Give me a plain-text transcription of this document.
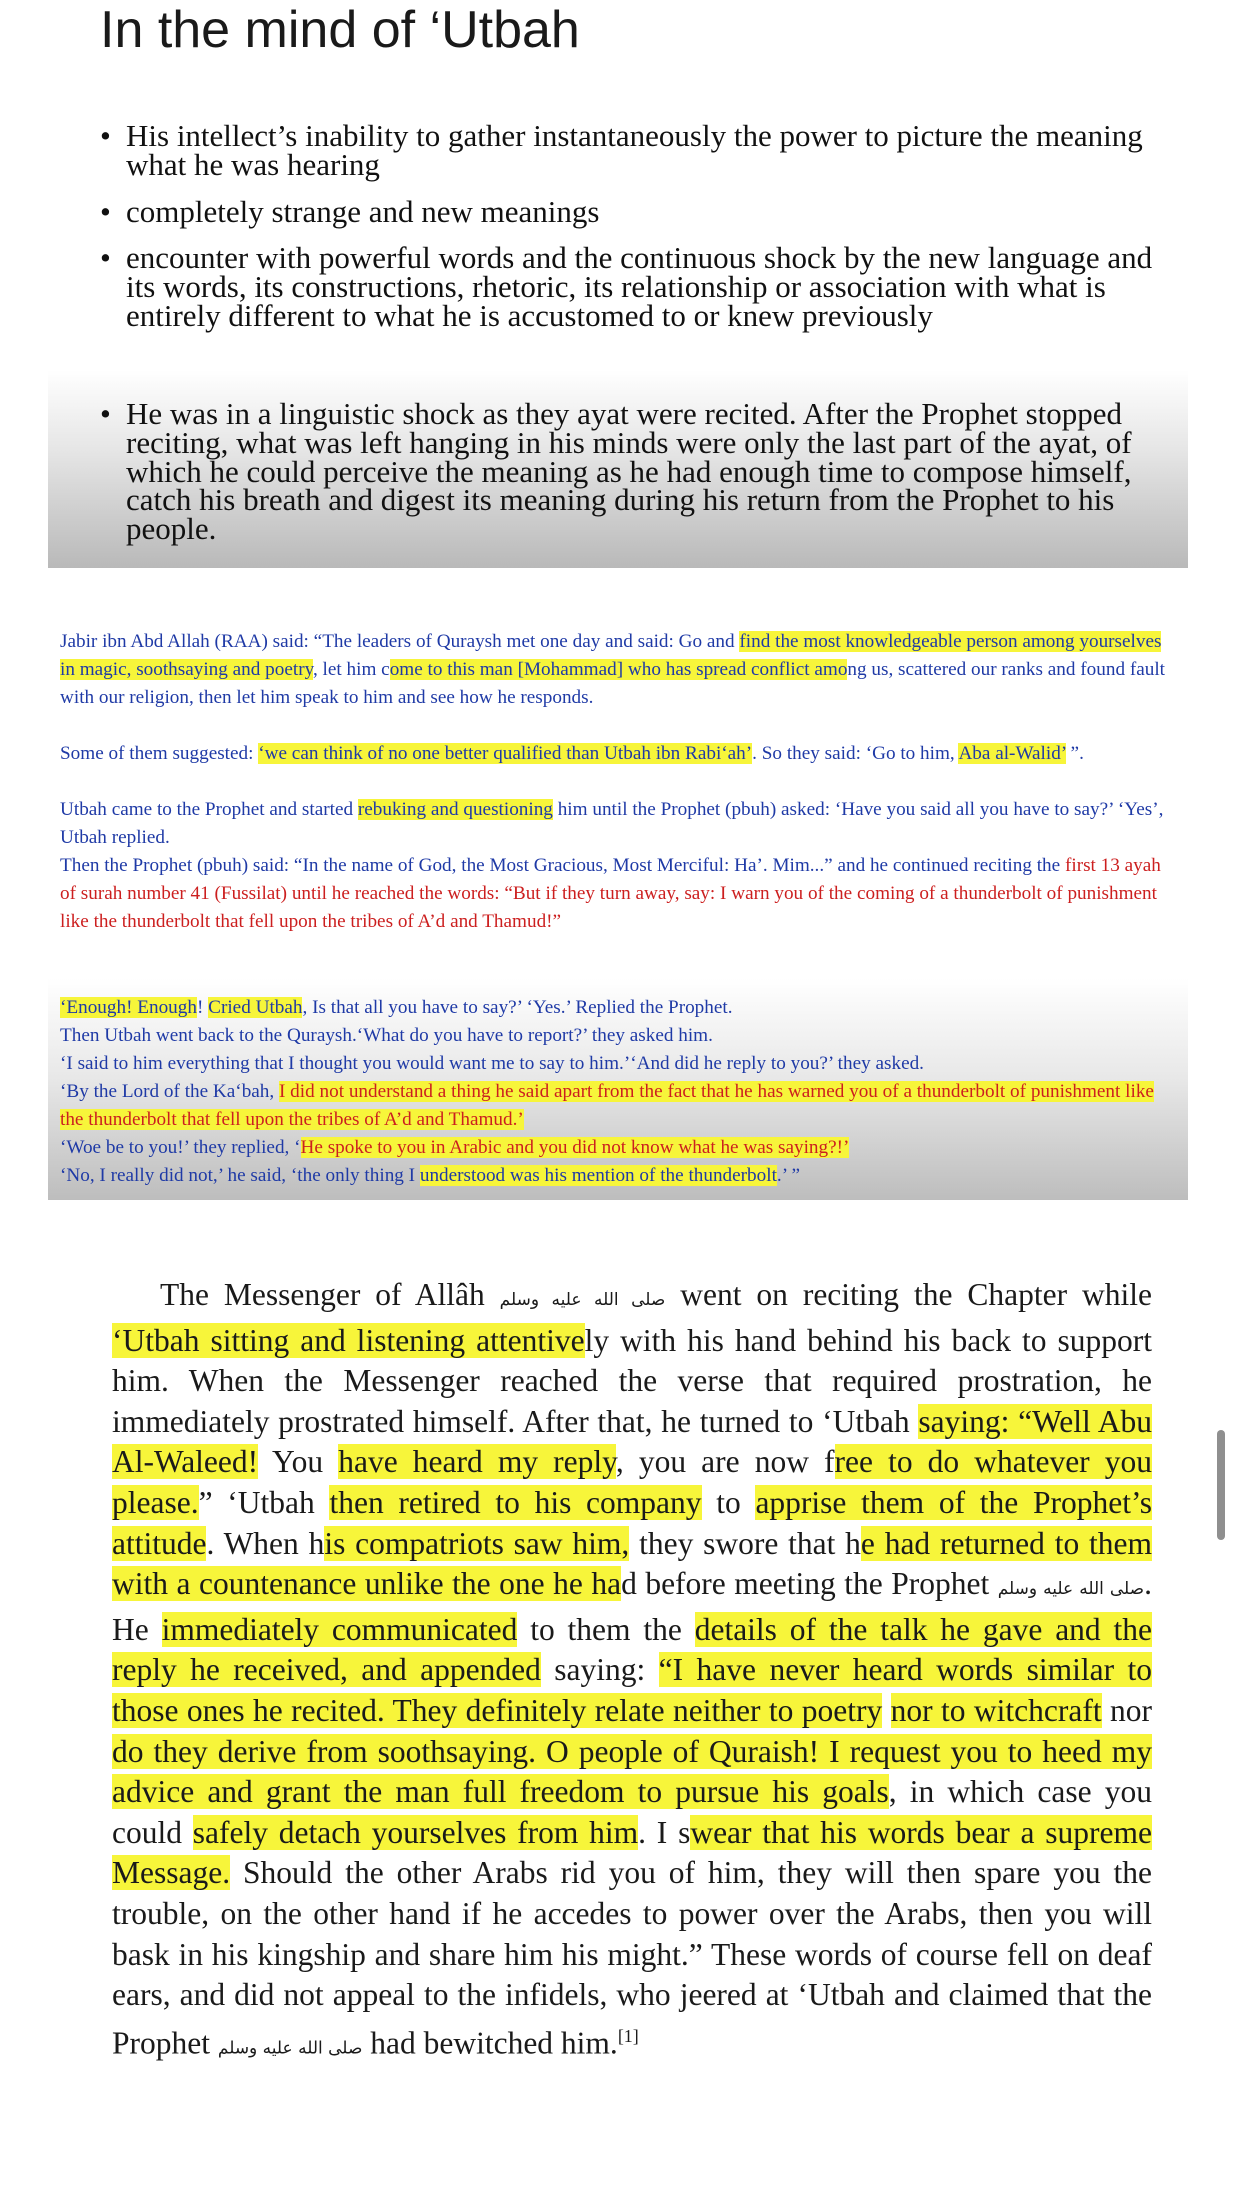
In the mind of ‘Utbah
• His intellect’s inability to gather instantaneously the power to picture the meaning what he was hearing
• completely strange and new meanings
• encounter with powerful words and the continuous shock by the new language and its words, its constructions, rhetoric, its relationship or association with what is entirely different to what he is accustomed to or knew previously
• He was in a linguistic shock as they ayat were recited. After the Prophet stopped reciting, what was left hanging in his minds were only the last part of the ayat, of which he could perceive the meaning as he had enough time to compose himself, catch his breath and digest its meaning during his return from the Prophet to his people.

Jabir ibn Abd Allah (RAA) said: “The leaders of Quraysh met one day and said: Go and find the most knowledgeable person among yourselves in magic, soothsaying and poetry, let him come to this man [Mohammad] who has spread conflict among us, scattered our ranks and found fault with our religion, then let him speak to him and see how he responds.

Some of them suggested: ‘we can think of no one better qualified than Utbah ibn Rabi‘ah’. So they said: ‘Go to him, Aba al-Walid’ ”.

Utbah came to the Prophet and started rebuking and questioning him until the Prophet (pbuh) asked: ‘Have you said all you have to say?’ ‘Yes’, Utbah replied.

Then the Prophet (pbuh) said: “In the name of God, the Most Gracious, Most Merciful: Ha’. Mim...” and he continued reciting the first 13 ayah of surah number 41 (Fussilat) until he reached the words: “But if they turn away, say: I warn you of the coming of a thunderbolt of punishment like the thunderbolt that fell upon the tribes of A’d and Thamud!”

‘Enough! Enough! Cried Utbah, Is that all you have to say?’ ‘Yes.’ Replied the Prophet.

Then Utbah went back to the Quraysh.‘What do you have to report?’ they asked him.

‘I said to him everything that I thought you would want me to say to him.’‘And did he reply to you?’ they asked.

‘By the Lord of the Ka‘bah, I did not understand a thing he said apart from the fact that he has warned you of a thunderbolt of punishment like the thunderbolt that fell upon the tribes of A’d and Thamud.’

‘Woe be to you!’ they replied, ‘He spoke to you in Arabic and you did not know what he was saying?!’

‘No, I really did not,’ he said, ‘the only thing I understood was his mention of the thunderbolt.’ ”

The Messenger of Allâh صلى الله عليه وسلم went on reciting the Chapter while ‘Utbah sitting and listening attentively with his hand behind his back to support him. When the Messenger reached the verse that required prostration, he immediately prostrated himself. After that, he turned to ‘Utbah saying: “Well Abu Al-Waleed! You have heard my reply, you are now free to do whatever you please.” ‘Utbah then retired to his company to apprise them of the Prophet’s attitude. When his compatriots saw him, they swore that he had returned to them with a countenance unlike the one he had before meeting the Prophet صلى الله عليه وسلم. He immediately communicated to them the details of the talk he gave and the reply he received, and appended saying: “I have never heard words similar to those ones he recited. They definitely relate neither to poetry nor to witchcraft nor do they derive from soothsaying. O people of Quraish! I request you to heed my advice and grant the man full freedom to pursue his goals, in which case you could safely detach yourselves from him. I swear that his words bear a supreme Message. Should the other Arabs rid you of him, they will then spare you the trouble, on the other hand if he accedes to power over the Arabs, then you will bask in his kingship and share him his might.” These words of course fell on deaf ears, and did not appeal to the infidels, who jeered at ‘Utbah and claimed that the Prophet صلى الله عليه وسلم had bewitched him.[1]
